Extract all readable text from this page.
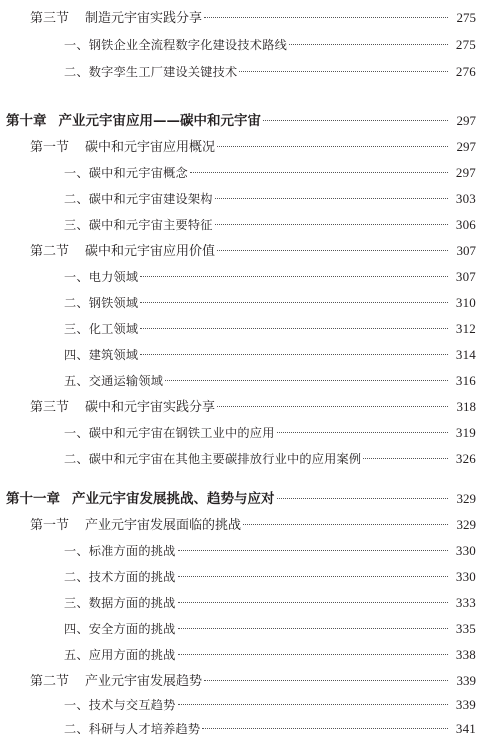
第三节 制造元宇宙实践分享	275
一、钢铁企业全流程数字化建设技术路线	275
二、数字孪生工厂建设关键技术	276
第十章 产业元宇宙应用——碳中和元宇宙	297
第一节 碳中和元宇宙应用概况	297
一、碳中和元宇宙概念	297
二、碳中和元宇宙建设架构	303
三、碳中和元宇宙主要特征	306
第二节 碳中和元宇宙应用价值	307
一、电力领域	307
二、钢铁领域	310
三、化工领域	312
四、建筑领域	314
五、交通运输领域	316
第三节 碳中和元宇宙实践分享	318
一、碳中和元宇宙在钢铁工业中的应用	319
二、碳中和元宇宙在其他主要碳排放行业中的应用案例	326
第十一章 产业元宇宙发展挑战、趋势与应对	329
第一节 产业元宇宙发展面临的挑战	329
一、标准方面的挑战	330
二、技术方面的挑战	330
三、数据方面的挑战	333
四、安全方面的挑战	335
五、应用方面的挑战	338
第二节 产业元宇宙发展趋势	339
一、技术与交互趋势	339
二、科研与人才培养趋势	341
